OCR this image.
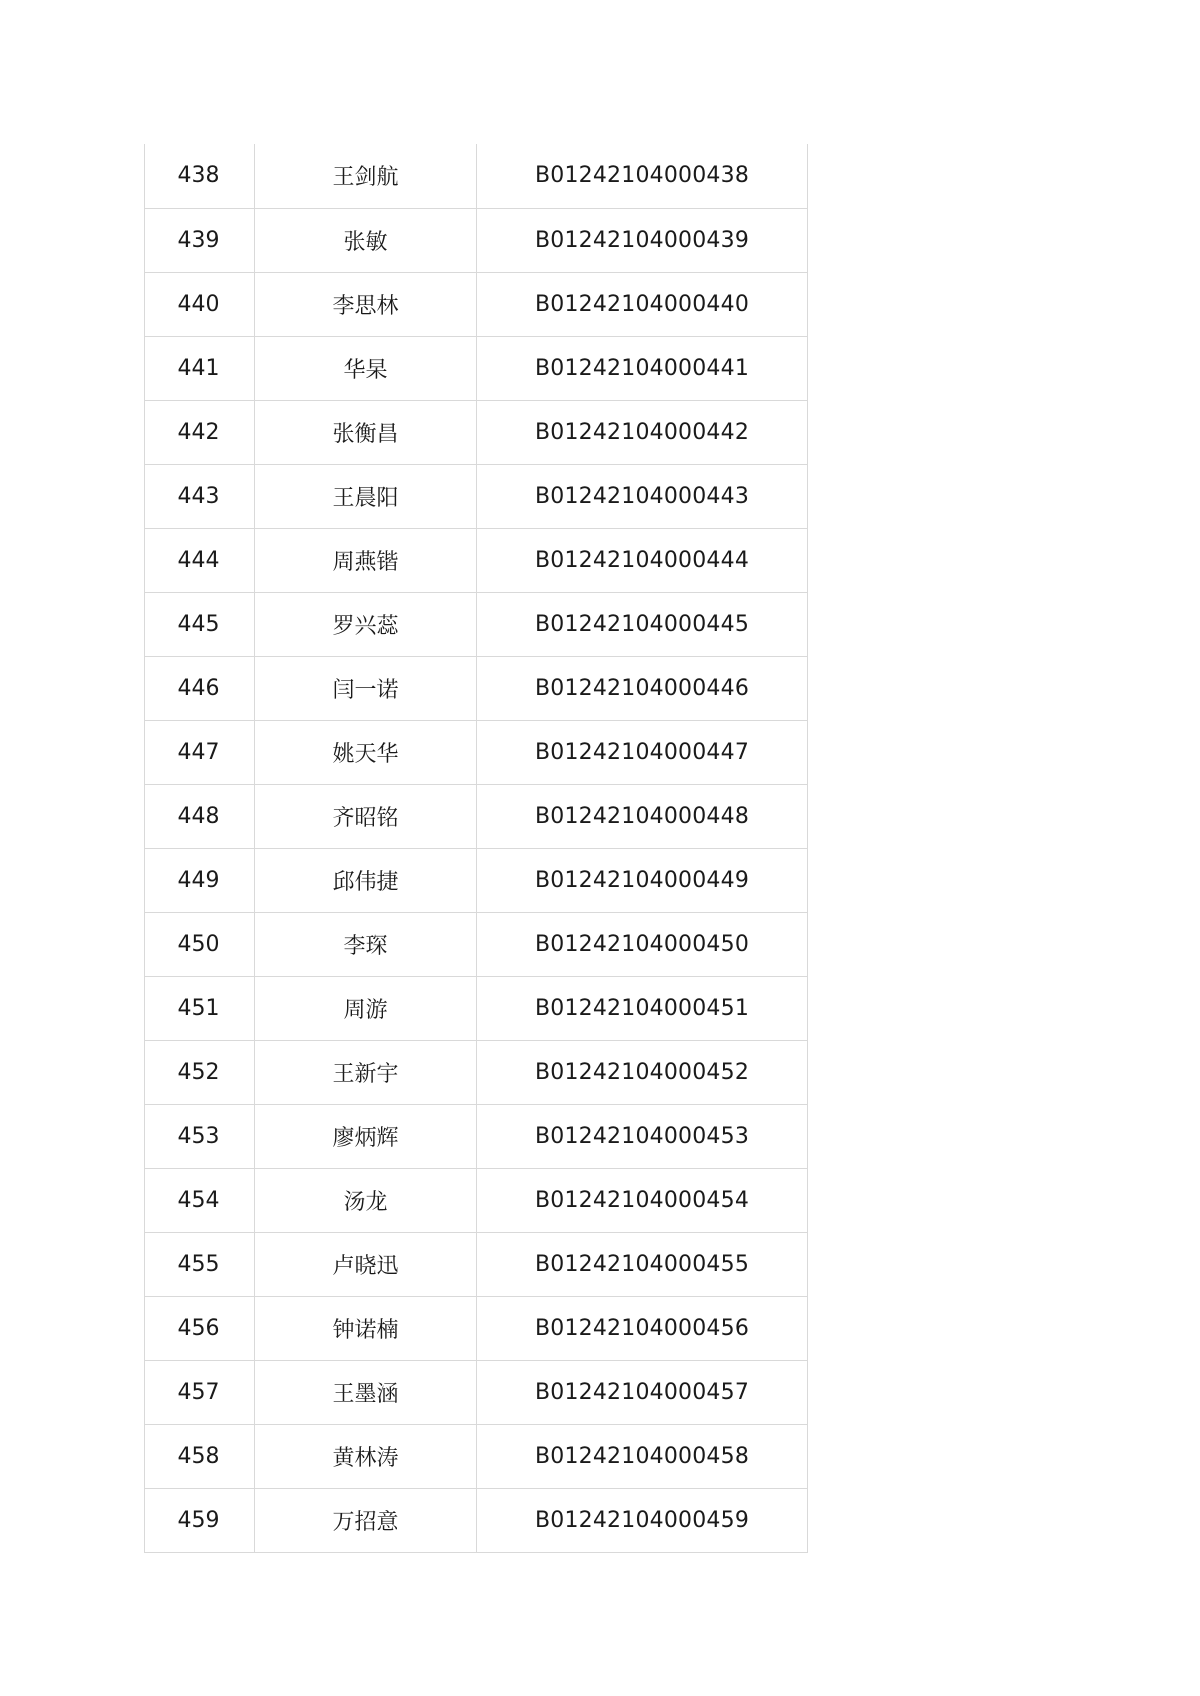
438	王剑航	B01242104000438
439	张敏	B01242104000439
440	李思林	B01242104000440
441	华杲	B01242104000441
442	张衡昌	B01242104000442
443	王晨阳	B01242104000443
444	周燕锴	B01242104000444
445	罗兴蕊	B01242104000445
446	闫一诺	B01242104000446
447	姚天华	B01242104000447
448	齐昭铭	B01242104000448
449	邱伟捷	B01242104000449
450	李琛	B01242104000450
451	周游	B01242104000451
452	王新宇	B01242104000452
453	廖炳辉	B01242104000453
454	汤龙	B01242104000454
455	卢晓迅	B01242104000455
456	钟诺楠	B01242104000456
457	王墨涵	B01242104000457
458	黄林涛	B01242104000458
459	万招意	B01242104000459
